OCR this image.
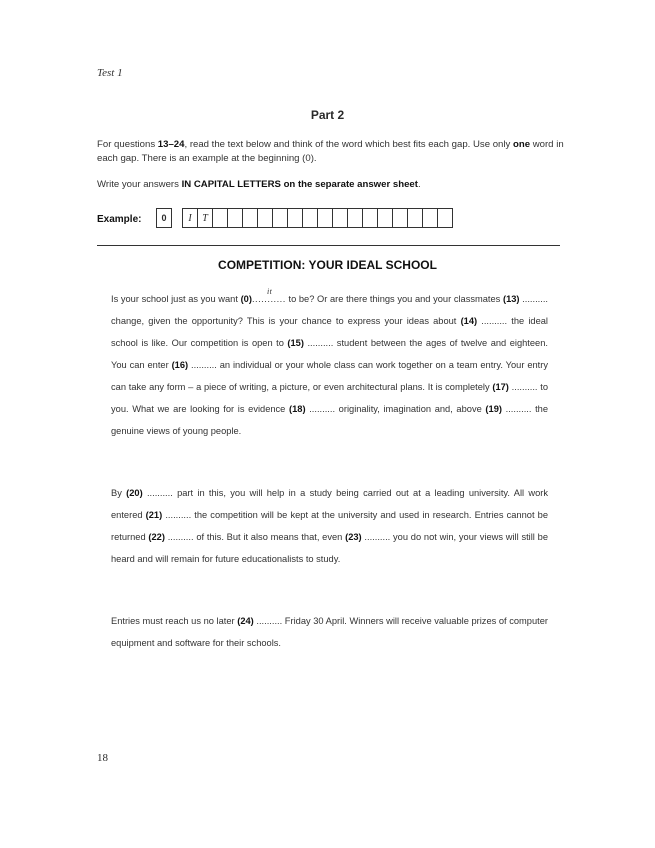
Test 1
Part 2
For questions 13–24, read the text below and think of the word which best fits each gap. Use only one word in each gap. There is an example at the beginning (0).
Write your answers IN CAPITAL LETTERS on the separate answer sheet.
Example:	0	I	T
COMPETITION: YOUR IDEAL SCHOOL
Is your school just as you want (0)...........
it
to be? Or are there things you and your classmates (13) .......... change, given the opportunity? This is your chance to express your ideas about (14) .......... the ideal school is like. Our competition is open to (15) .......... student between the ages of twelve and eighteen. You can enter (16) .......... an individual or your whole class can work together on a team entry. Your entry can take any form – a piece of writing, a picture, or even architectural plans. It is completely (17) .......... to you. What we are looking for is evidence (18) .......... originality, imagination and, above (19) .......... the genuine views of young people.
By (20) .......... part in this, you will help in a study being carried out at a leading university. All work entered (21) .......... the competition will be kept at the university and used in research. Entries cannot be returned (22) .......... of this. But it also means that, even (23) .......... you do not win, your views will still be heard and will remain for future educationalists to study.
Entries must reach us no later (24) .......... Friday 30 April. Winners will receive valuable prizes of computer equipment and software for their schools.
18
